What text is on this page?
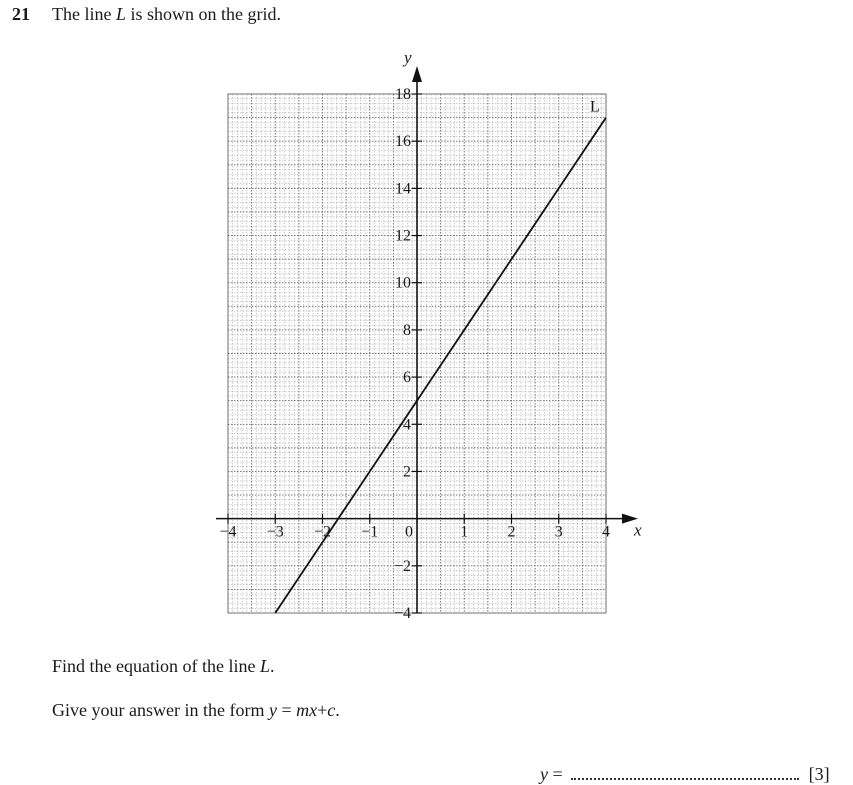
21 The line L is shown on the grid.
x
y
−4 −3 −2 −1 0	1 2 3 4
−4
−2
2
4
6
8
10
12
14
16
18
L
Find the equation of the line L.
Give your answer in the form y = mx+c.
y =	[3]
